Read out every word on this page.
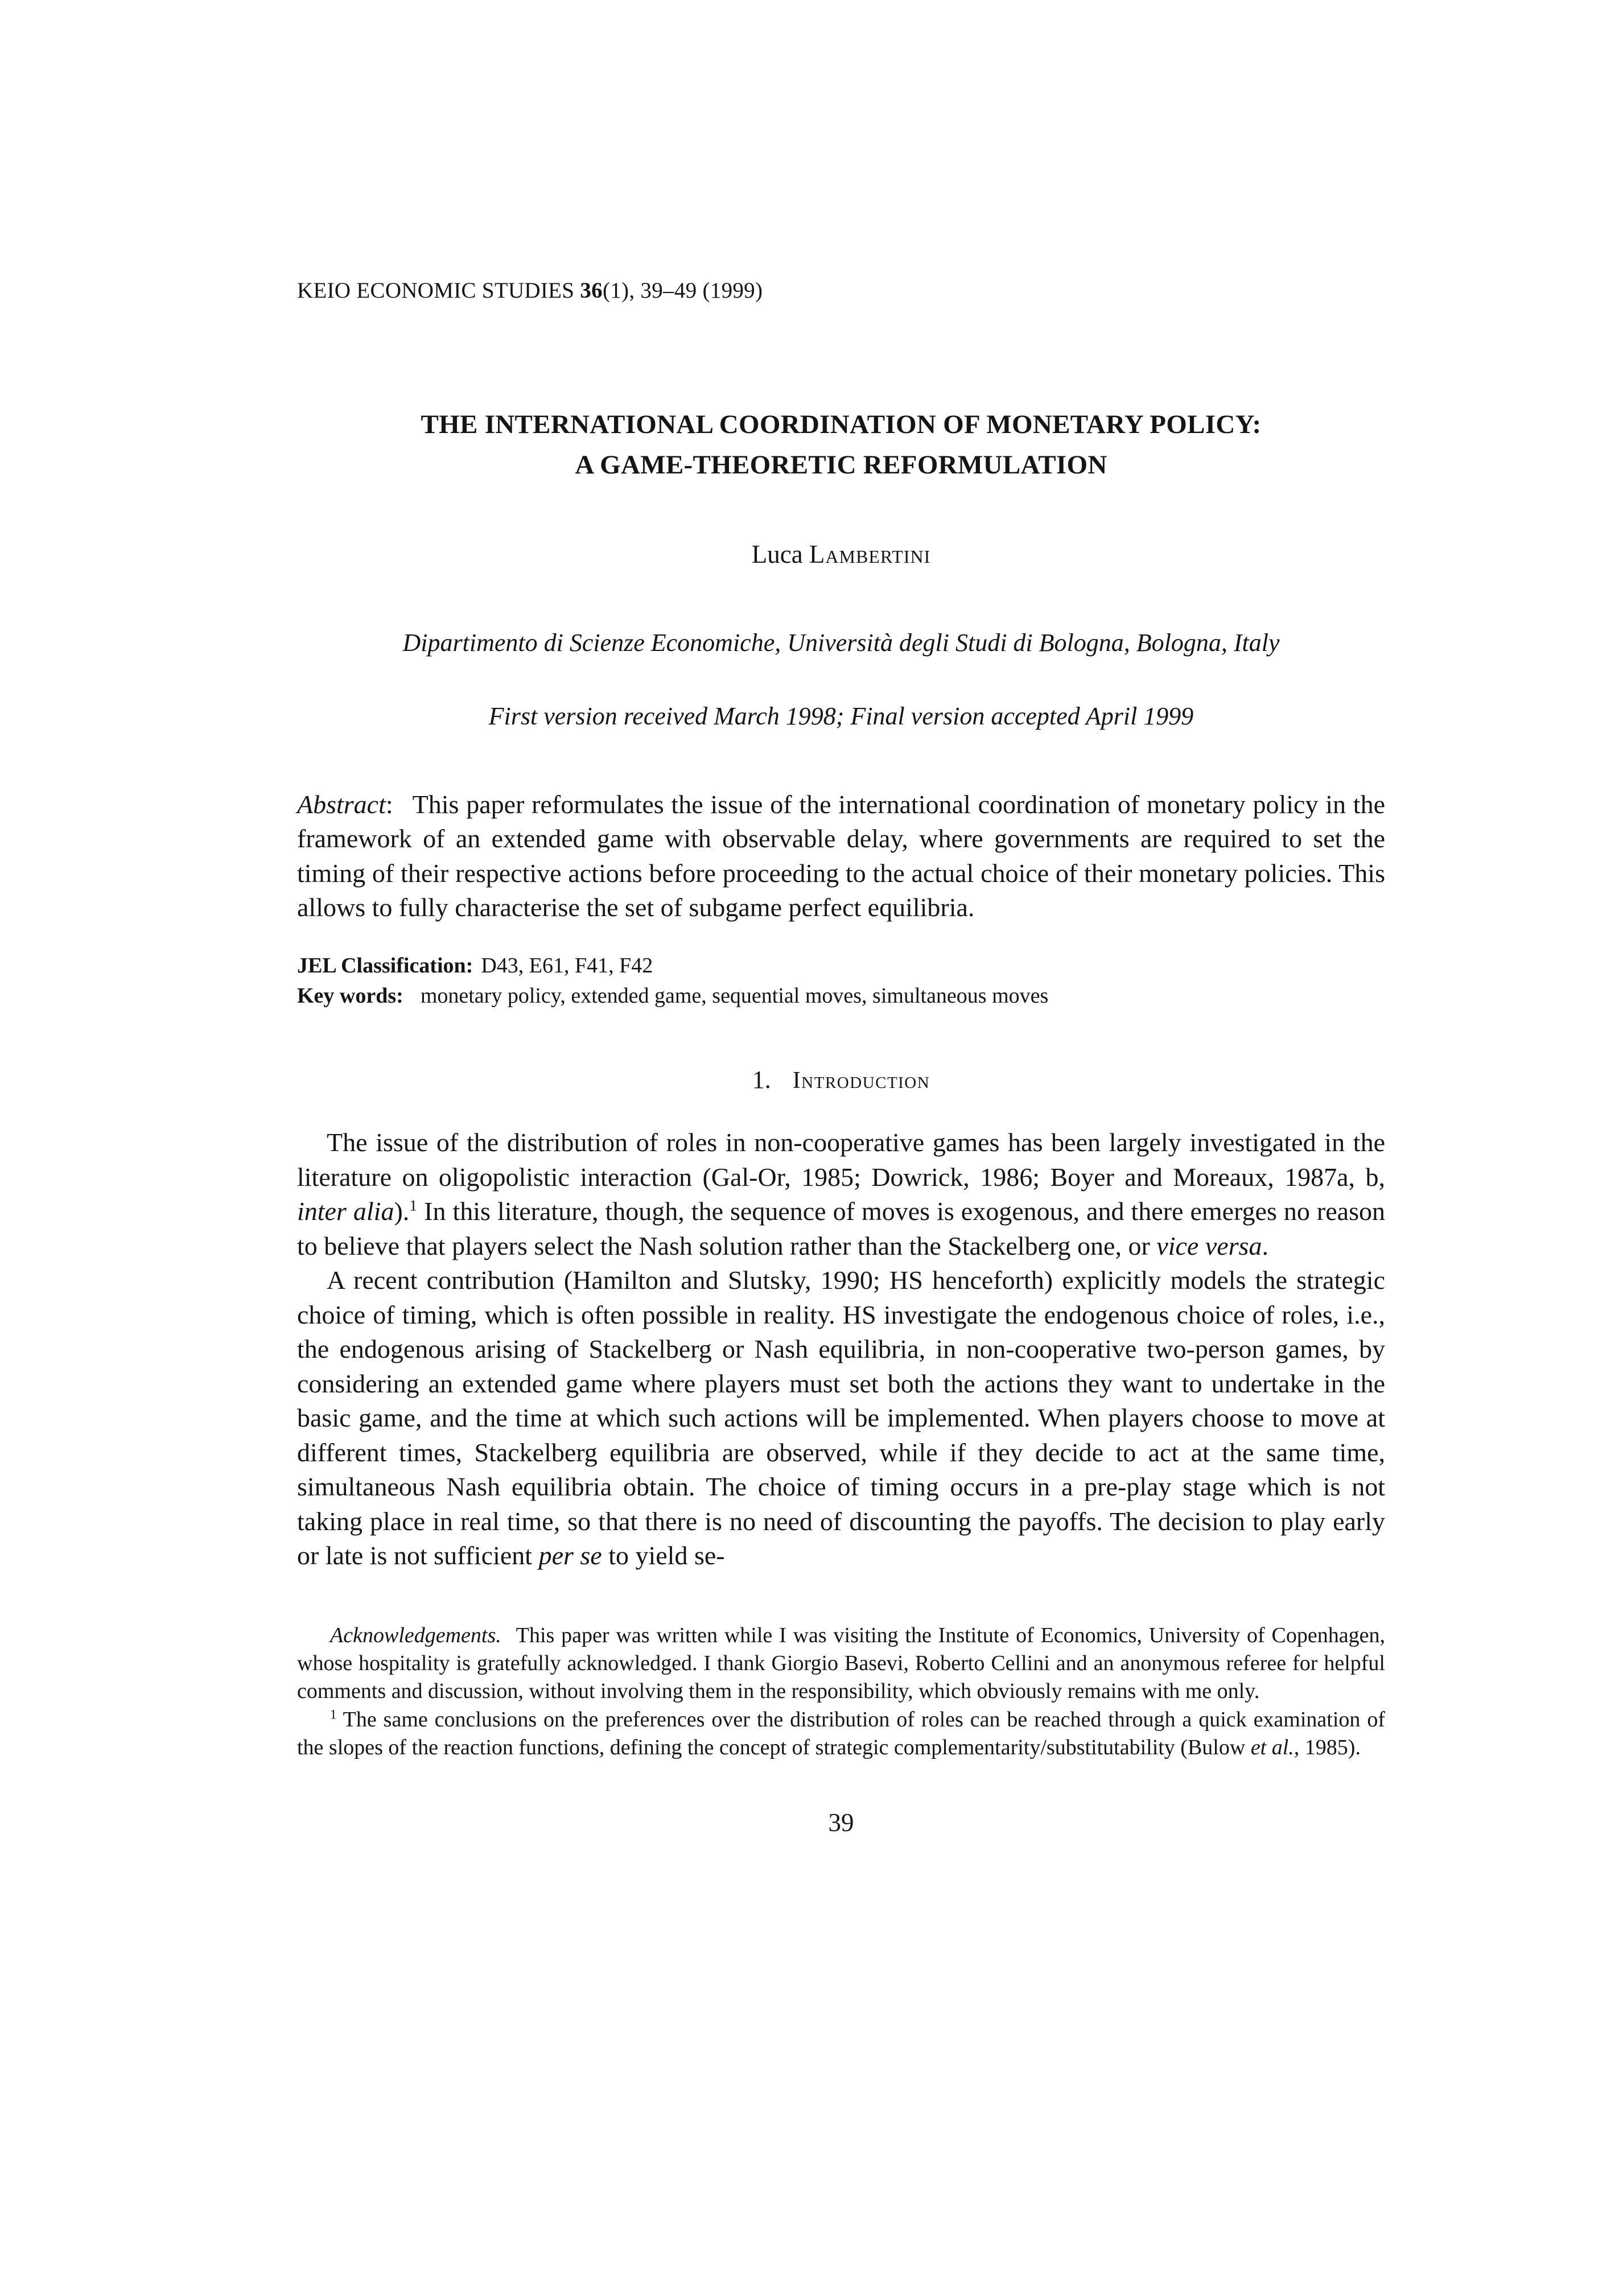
KEIO ECONOMIC STUDIES 36(1), 39–49 (1999)
THE INTERNATIONAL COORDINATION OF MONETARY POLICY:
A GAME-THEORETIC REFORMULATION
Luca Lambertini
Dipartimento di Scienze Economiche, Università degli Studi di Bologna, Bologna, Italy
First version received March 1998; Final version accepted April 1999

Abstract: This paper reformulates the issue of the international coordination of monetary policy in the framework of an extended game with observable delay, where governments are required to set the timing of their respective actions before proceeding to the actual choice of their monetary policies. This allows to fully characterise the set of subgame perfect equilibria.

JEL Classification: D43, E61, F41, F42
Key words: monetary policy, extended game, sequential moves, simultaneous moves
1. Introduction

The issue of the distribution of roles in non-cooperative games has been largely investigated in the literature on oligopolistic interaction (Gal-Or, 1985; Dowrick, 1986; Boyer and Moreaux, 1987a, b, inter alia).$^1$ In this literature, though, the sequence of moves is exogenous, and there emerges no reason to believe that players select the Nash solution rather than the Stackelberg one, or vice versa.

A recent contribution (Hamilton and Slutsky, 1990; HS henceforth) explicitly models the strategic choice of timing, which is often possible in reality. HS investigate the endogenous choice of roles, i.e., the endogenous arising of Stackelberg or Nash equilibria, in non-cooperative two-person games, by considering an extended game where players must set both the actions they want to undertake in the basic game, and the time at which such actions will be implemented. When players choose to move at different times, Stackelberg equilibria are observed, while if they decide to act at the same time, simultaneous Nash equilibria obtain. The choice of timing occurs in a pre-play stage which is not taking place in real time, so that there is no need of discounting the payoffs. The decision to play early or late is not sufficient per se to yield se-

Acknowledgements. This paper was written while I was visiting the Institute of Economics, University of Copenhagen, whose hospitality is gratefully acknowledged. I thank Giorgio Basevi, Roberto Cellini and an anonymous referee for helpful comments and discussion, without involving them in the responsibility, which obviously remains with me only.

$^1$ The same conclusions on the preferences over the distribution of roles can be reached through a quick examination of the slopes of the reaction functions, defining the concept of strategic complementarity/substitutability (Bulow et al., 1985).

39
